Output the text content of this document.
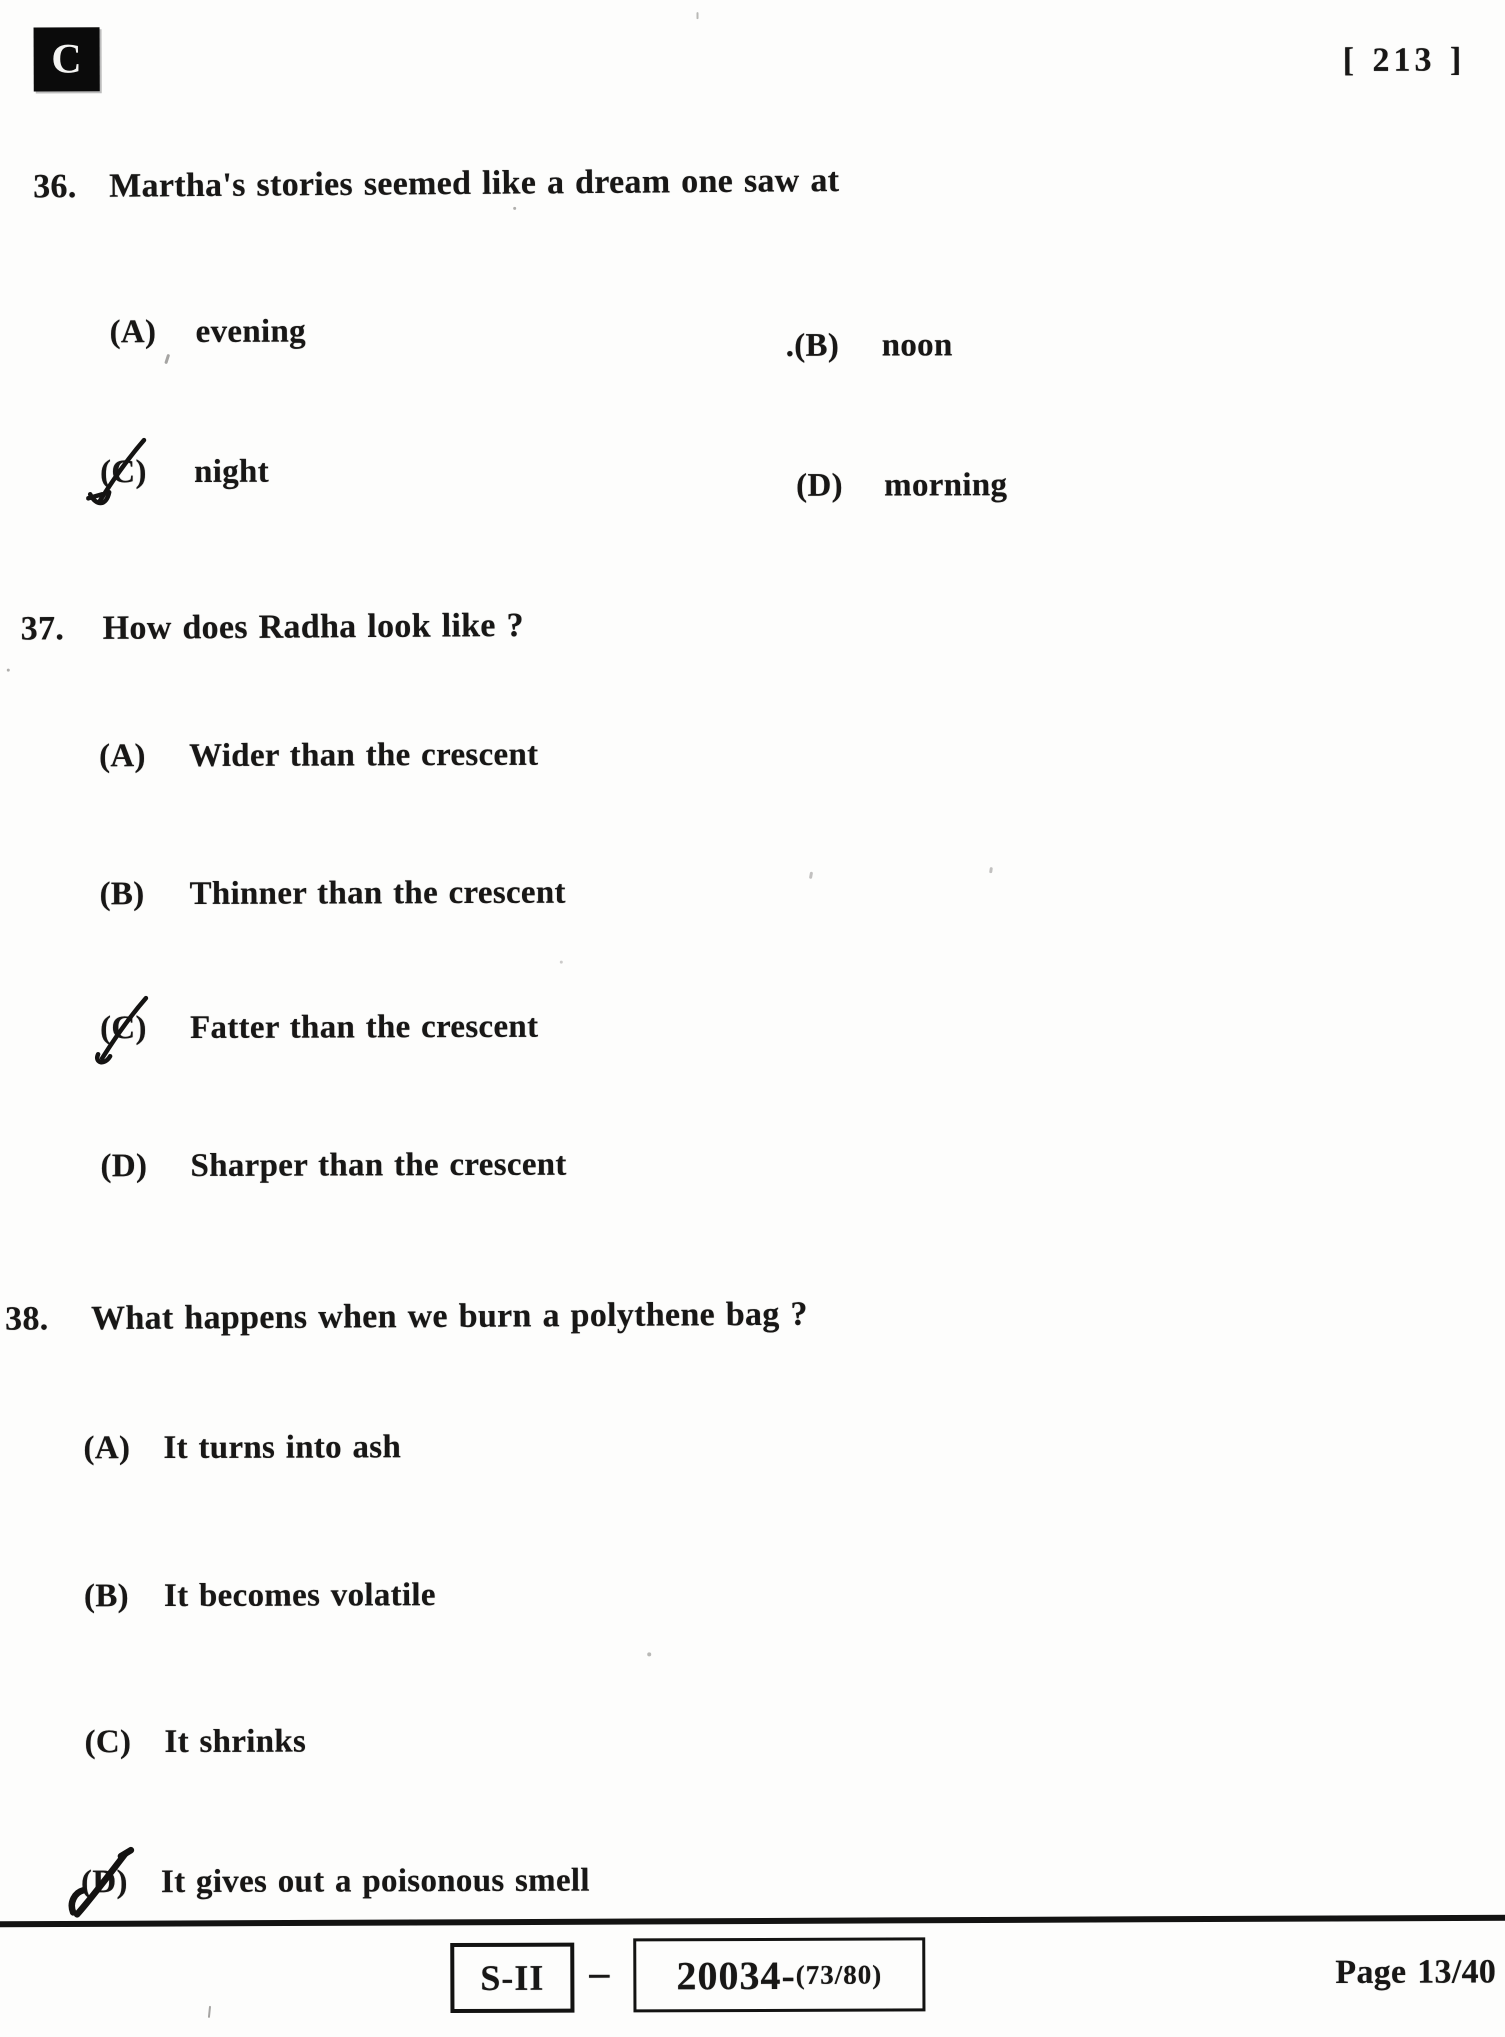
C	[ 213 ]
36. Martha's stories seemed like a dream one saw at
(A) evening	.(B) noon
(C) night	(D) morning
37. How does Radha look like ?
(A) Wider than the crescent
(B) Thinner than the crescent
(C) Fatter than the crescent
(D) Sharper than the crescent
38. What happens when we burn a polythene bag ?
(A) It turns into ash
(B) It becomes volatile
(C) It shrinks
(D) It gives out a poisonous smell
S-II – 20034- (73/80)	Page 13/40
